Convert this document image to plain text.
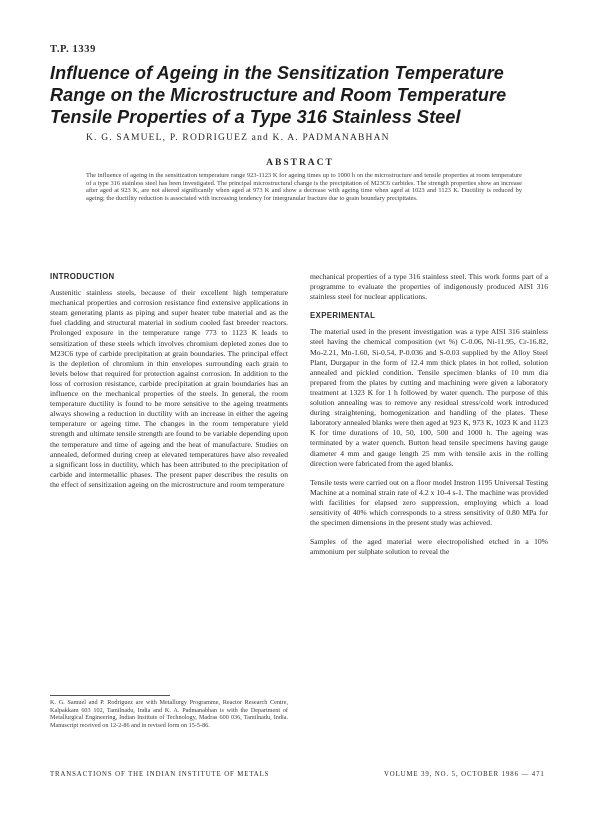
T.P. 1339
Influence of Ageing in the Sensitization Temperature
Range on the Microstructure and Room Temperature
Tensile Properties of a Type 316 Stainless Steel
K. G. SAMUEL, P. RODRIGUEZ and K. A. PADMANABHAN
ABSTRACT
The influence of ageing in the sensitization temperature range 923-1123 K for ageing times up to 1000 h on the microstructure and tensile properties at room temperature of a type 316 stainless steel has been investigated. The principal microstructural change is the precipitation of M23C6 carbides. The strength properties show an increase after aged at 923 K, are not altered significantly when aged at 973 K and show a decrease with ageing time when aged at 1023 and 1123 K. Ductility is reduced by ageing; the ductility reduction is associated with increasing tendency for intergranular fracture due to grain boundary precipitates.
INTRODUCTION

Austenitic stainless steels, because of their excellent high temperature mechanical properties and corrosion resistance find extensive applications in steam generating plants as piping and super heater tube material and as the fuel cladding and structural material in sodium cooled fast breeder reactors. Prolonged exposure in the temperature range 773 to 1123 K leads to sensitization of these steels which involves chromium depleted zones due to M23C6 type of carbide precipitation at grain boundaries. The principal effect is the depletion of chromium in thin envelopes surrounding each grain to levels below that required for protection against corrosion. In addition to the loss of corrosion resistance, carbide precipitation at grain boundaries has an influence on the mechanical properties of the steels. In general, the room temperature ductility is found to be more sensitive to the ageing treatments always showing a reduction in ductility with an increase in either the ageing temperature or ageing time. The changes in the room temperature yield strength and ultimate tensile strength are found to be variable depending upon the temperature and time of ageing and the heat of manufacture. Studies on annealed, deformed during creep at elevated temperatures have also revealed a significant loss in ductility, which has been attributed to the precipitation of carbide and intermetallic phases. The present paper describes the results on the effect of sensitization ageing on the microstructure and room temperature

K. G. Samuel and P. Rodriguez are with Metallurgy Programme, Reactor Research Centre, Kalpakkam 603 102, Tamilnadu, India and K. A. Padmanabhan is with the Department of Metallurgical Engineering, Indian Institute of Technology, Madras 600 036, Tamilnadu, India. Manuscript received on 12-2-86 and in revised form on 15-5-86.

mechanical properties of a type 316 stainless steel. This work forms part of a programme to evaluate the properties of indigenously produced AISI 316 stainless steel for nuclear applications.

EXPERIMENTAL

The material used in the present investigation was a type AISI 316 stainless steel having the chemical composition (wt %) C-0.06, Ni-11.95, Cr-16.82, Mo-2.21, Mn-1.60, Si-0.54, P-0.036 and S-0.03 supplied by the Alloy Steel Plant, Durgapur in the form of 12.4 mm thick plates in hot rolled, solution annealed and pickled condition. Tensile specimen blanks of 10 mm dia prepared from the plates by cutting and machining were given a laboratory treatment at 1323 K for 1 h followed by water quench. The purpose of this solution annealing was to remove any residual stress/cold work introduced during straightening, homogenization and handling of the plates. These laboratory annealed blanks were then aged at 923 K, 973 K, 1023 K and 1123 K for time durations of 10, 50, 100, 500 and 1000 h. The ageing was terminated by a water quench. Button head tensile specimens having gauge diameter 4 mm and gauge length 25 mm with tensile axis in the rolling direction were fabricated from the aged blanks.

Tensile tests were carried out on a floor model Instron 1195 Universal Testing Machine at a nominal strain rate of 4.2 x 10-4 s-1. The machine was provided with facilities for elapsed zero suppression, employing which a load sensitivity of 40% which corresponds to a stress sensitivity of 0.80 MPa for the specimen dimensions in the present study was achieved.

Samples of the aged material were electropolished etched in a 10% ammonium per sulphate solution to reveal the

TRANSACTIONS OF THE INDIAN INSTITUTE OF METALS	VOLUME 39, NO. 5, OCTOBER 1986 — 471
